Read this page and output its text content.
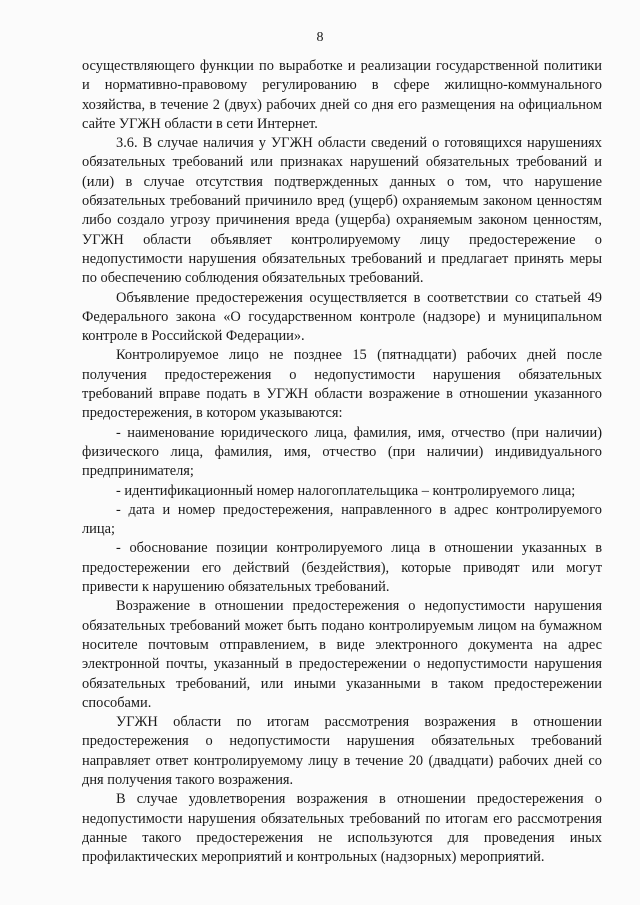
8

осуществляющего функции по выработке и реализации государственной политики и нормативно-правовому регулированию в сфере жилищно-коммунального хозяйства, в течение 2 (двух) рабочих дней со дня его размещения на официальном сайте УГЖН области в сети Интернет.

3.6. В случае наличия у УГЖН области сведений о готовящихся нарушениях обязательных требований или признаках нарушений обязательных требований и (или) в случае отсутствия подтвержденных данных о том, что нарушение обязательных требований причинило вред (ущерб) охраняемым законом ценностям либо создало угрозу причинения вреда (ущерба) охраняемым законом ценностям, УГЖН области объявляет контролируемому лицу предостережение о недопустимости нарушения обязательных требований и предлагает принять меры по обеспечению соблюдения обязательных требований.

Объявление предостережения осуществляется в соответствии со статьей 49 Федерального закона «О государственном контроле (надзоре) и муниципальном контроле в Российской Федерации».

Контролируемое лицо не позднее 15 (пятнадцати) рабочих дней после получения предостережения о недопустимости нарушения обязательных требований вправе подать в УГЖН области возражение в отношении указанного предостережения, в котором указываются:

- наименование юридического лица, фамилия, имя, отчество (при наличии) физического лица, фамилия, имя, отчество (при наличии) индивидуального предпринимателя;

- идентификационный номер налогоплательщика – контролируемого лица;

- дата и номер предостережения, направленного в адрес контролируемого лица;

- обоснование позиции контролируемого лица в отношении указанных в предостережении его действий (бездействия), которые приводят или могут привести к нарушению обязательных требований.

Возражение в отношении предостережения о недопустимости нарушения обязательных требований может быть подано контролируемым лицом на бумажном носителе почтовым отправлением, в виде электронного документа на адрес электронной почты, указанный в предостережении о недопустимости нарушения обязательных требований, или иными указанными в таком предостережении способами.

УГЖН области по итогам рассмотрения возражения в отношении предостережения о недопустимости нарушения обязательных требований направляет ответ контролируемому лицу в течение 20 (двадцати) рабочих дней со дня получения такого возражения.

В случае удовлетворения возражения в отношении предостережения о недопустимости нарушения обязательных требований по итогам его рассмотрения данные такого предостережения не используются для проведения иных профилактических мероприятий и контрольных (надзорных) мероприятий.
